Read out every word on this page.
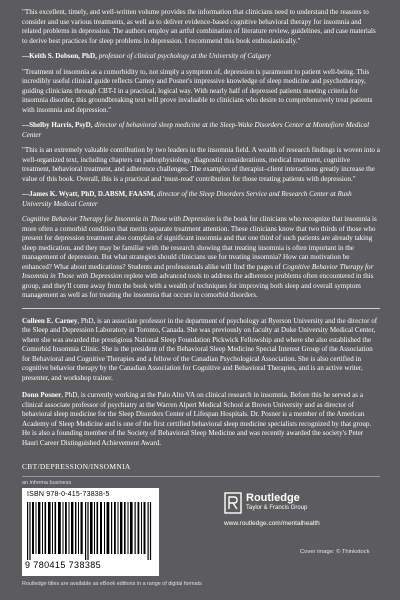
"This excellent, timely, and well-written volume provides the information that clinicians need to understand the reasons to consider and use various treatments, as well as to deliver evidence-based cognitive behavioral therapy for insomnia and related problems in depression. The authors employ an artful combination of literature review, guidelines, and case materials to derive best practices for sleep problems in depression. I recommend this book enthusiastically."

—Keith S. Dobson, PhD, professor of clinical psychology at the University of Calgary

"Treatment of insomnia as a comorbidity to, not simply a symptom of, depression is paramount to patient well-being. This incredibly useful clinical guide reflects Carney and Posner's impressive knowledge of sleep medicine and psychotherapy, guiding clinicians through CBT-I in a practical, logical way. With nearly half of depressed patients meeting criteria for insomnia disorder, this groundbreaking text will prove invaluable to clinicians who desire to comprehensively treat patients with insomnia and depression."

—Shelby Harris, PsyD, director of behavioral sleep medicine at the Sleep-Wake Disorders Center at Montefiore Medical Center

"This is an extremely valuable contribution by two leaders in the insomnia field. A wealth of research findings is woven into a well-organized text, including chapters on pathophysiology, diagnostic considerations, medical treatment, cognitive treatment, behavioral treatment, and adherence challenges. The examples of therapist–client interactions greatly increase the value of this book. Overall, this is a practical and 'must-read' contribution for those treating patients with depression."

—James K. Wyatt, PhD, D.ABSM, FAASM, director of the Sleep Disorders Service and Research Center at Rush University Medical Center

Cognitive Behavior Therapy for Insomnia in Those with Depression is the book for clinicians who recognize that insomnia is more often a comorbid condition that merits separate treatment attention. These clinicians know that two thirds of those who present for depression treatment also complain of significant insomnia and that one third of such patients are already taking sleep medication, and they may be familiar with the research showing that treating insomnia is often important in the management of depression. But what strategies should clinicians use for treating insomnia? How can motivation be enhanced? What about medications? Students and professionals alike will find the pages of Cognitive Behavior Therapy for Insomnia in Those with Depression replete with advanced tools to address the adherence problems often encountered in this group, and they'll come away from the book with a wealth of techniques for improving both sleep and overall symptom management as well as for treating the insomnia that occurs in comorbid disorders.

Colleen E. Carney, PhD, is an associate professor in the department of psychology at Ryerson University and the director of the Sleep and Depression Laboratory in Toronto, Canada. She was previously on faculty at Duke University Medical Center, where she was awarded the prestigious National Sleep Foundation Pickwick Fellowship and where she also established the Comorbid Insomnia Clinic. She is the president of the Behavioral Sleep Medicine Special Interest Group of the Association for Behavioral and Cognitive Therapies and a fellow of the Canadian Psychological Association. She is also certified in cognitive behavior therapy by the Canadian Association for Cognitive and Behavioral Therapies, and is an active writer, presenter, and workshop trainer.

Donn Posner, PhD, is currently working at the Palo Alto VA on clinical research in insomnia. Before this he served as a clinical associate professor of psychiatry at the Warren Alpert Medical School at Brown University and as director of behavioral sleep medicine for the Sleep Disorders Center of Lifespan Hospitals. Dr. Posner is a member of the American Academy of Sleep Medicine and is one of the first certified behavioral sleep medicine specialists recognized by that group. He is also a founding member of the Society of Behavioral Sleep Medicine and was recently awarded the society's Peter Hauri Career Distinguished Achievement Award.

CBT/DEPRESSION/INSOMNIA
an informa business
ISBN 978-0-415-73838-5
9 780415 738385
Routledge
Taylor & Francis Group
www.routledge.com/mentalhealth
Cover image: © Thinkstock
Routledge titles are available as eBook editions in a range of digital formats
